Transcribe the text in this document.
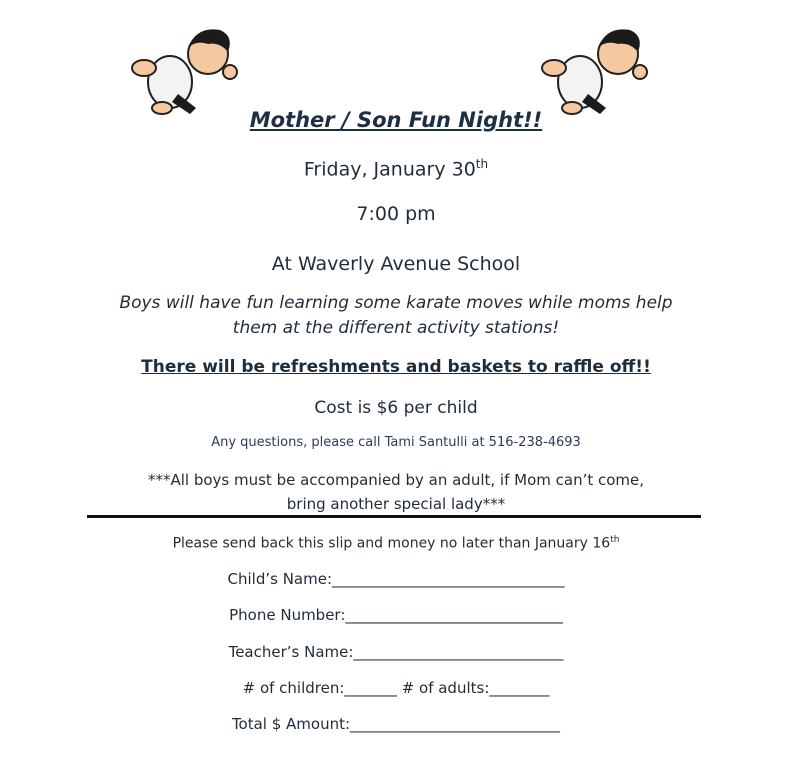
Mother / Son Fun Night!!
Friday, January 30th
7:00 pm
At Waverly Avenue School
Boys will have fun learning some karate moves while moms help
them at the different activity stations!
There will be refreshments and baskets to raffle off!!
Cost is $6 per child
Any questions, please call Tami Santulli at 516-238-4693
***All boys must be accompanied by an adult, if Mom can’t come,
bring another special lady***
Please send back this slip and money no later than January 16th
Child’s Name:_______________________________
Phone Number:_____________________________
Teacher’s Name:____________________________
# of children:_______ # of adults:________
Total $ Amount:____________________________
